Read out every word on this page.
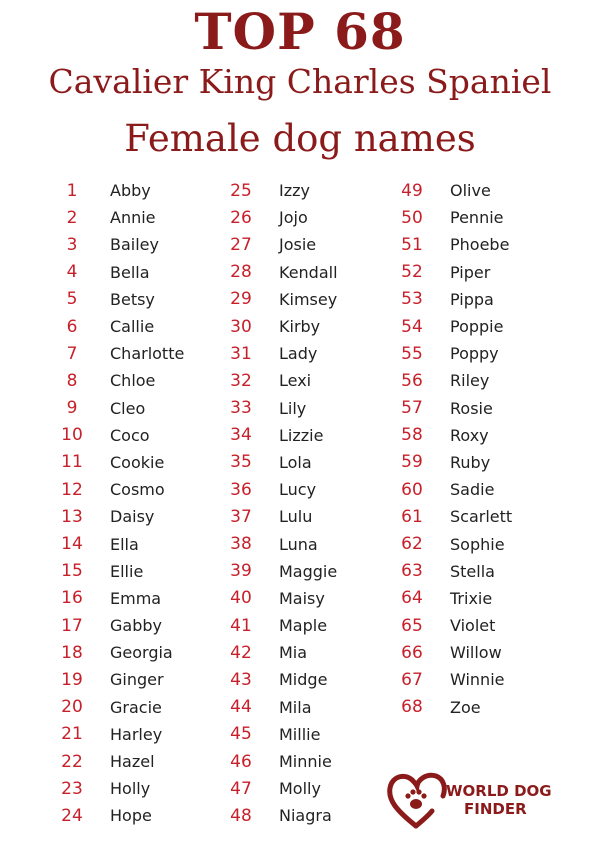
TOP 68
Cavalier King Charles Spaniel
Female dog names
1	Abby
2	Annie
3	Bailey
4	Bella
5	Betsy
6	Callie
7	Charlotte
8	Chloe
9	Cleo
10	Coco
11	Cookie
12	Cosmo
13	Daisy
14	Ella
15	Ellie
16	Emma
17	Gabby
18	Georgia
19	Ginger
20	Gracie
21	Harley
22	Hazel
23	Holly
24	Hope
25	Izzy
26	Jojo
27	Josie
28	Kendall
29	Kimsey
30	Kirby
31	Lady
32	Lexi
33	Lily
34	Lizzie
35	Lola
36	Lucy
37	Lulu
38	Luna
39	Maggie
40	Maisy
41	Maple
42	Mia
43	Midge
44	Mila
45	Millie
46	Minnie
47	Molly
48	Niagra
49	Olive
50	Pennie
51	Phoebe
52	Piper
53	Pippa
54	Poppie
55	Poppy
56	Riley
57	Rosie
58	Roxy
59	Ruby
60	Sadie
61	Scarlett
62	Sophie
63	Stella
64	Trixie
65	Violet
66	Willow
67	Winnie
68	Zoe
WORLD DOG
FINDER
